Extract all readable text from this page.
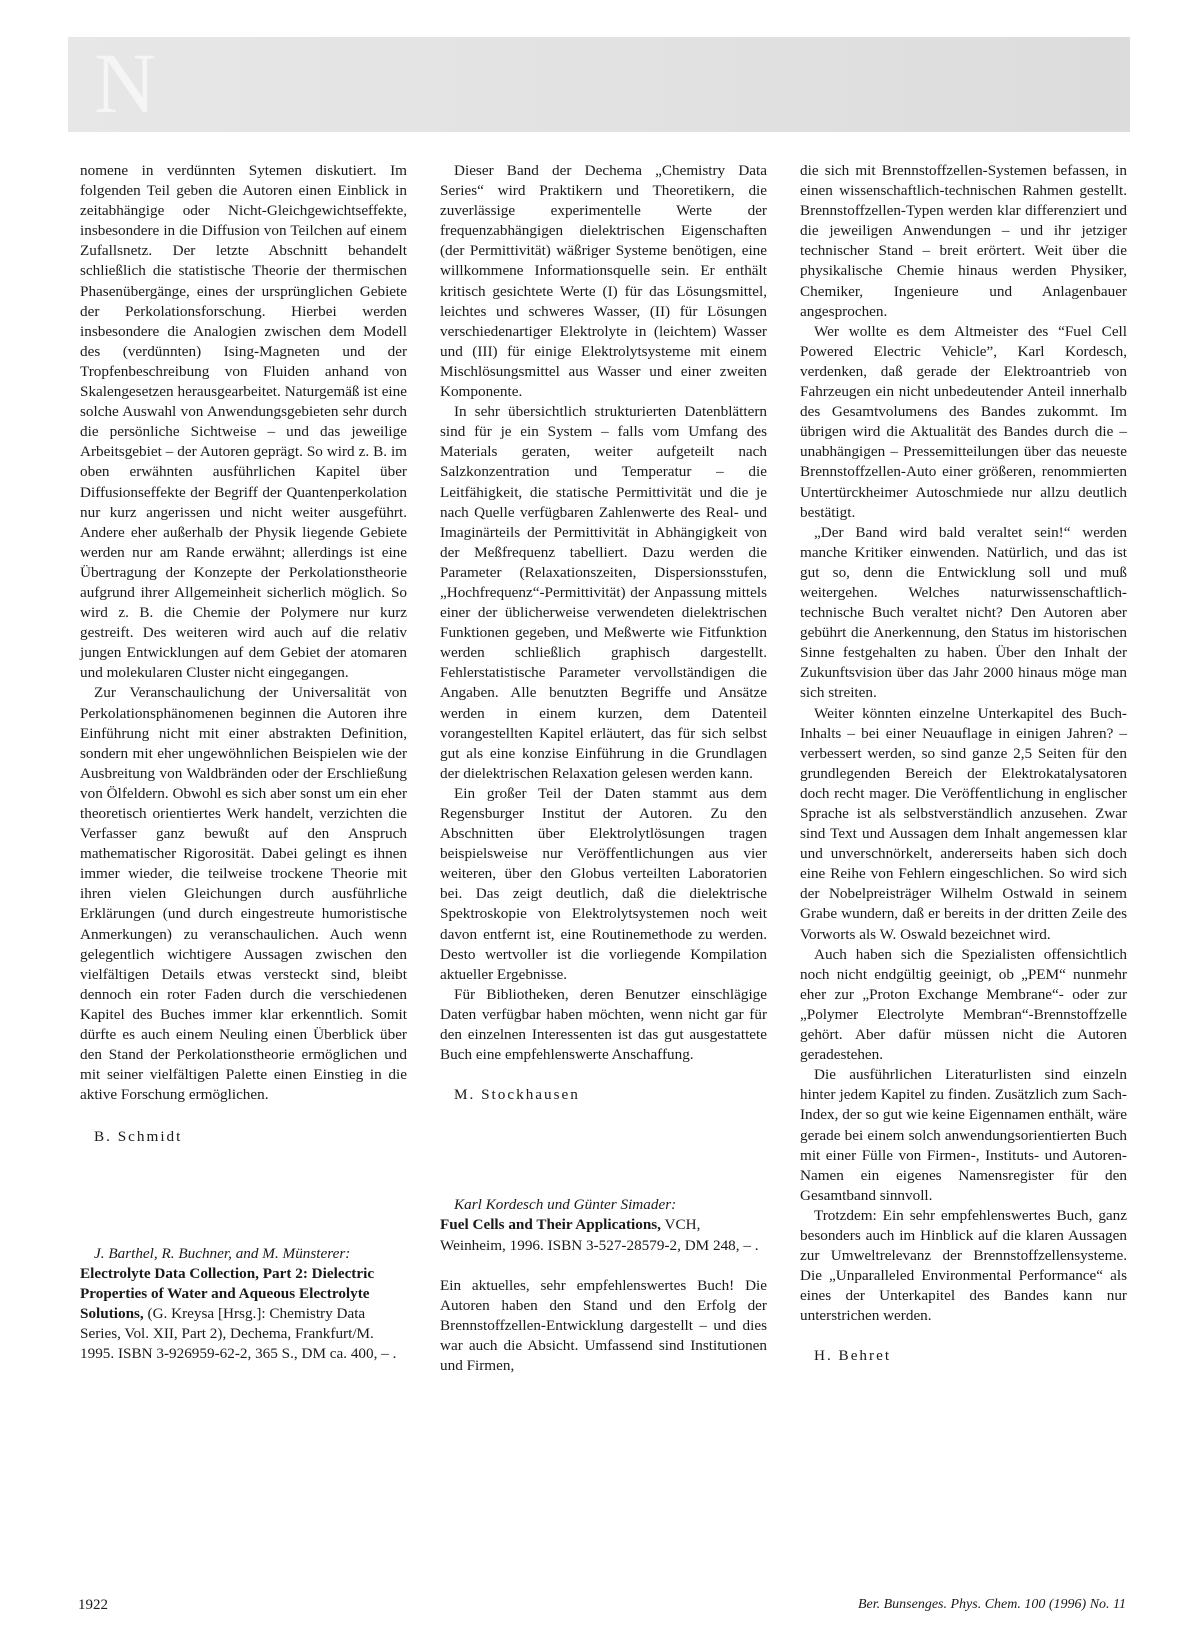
N

nomene in verdünnten Sytemen diskutiert. Im folgenden Teil geben die Autoren einen Einblick in zeitabhängige oder Nicht-Gleichgewichtseffekte, insbesondere in die Diffusion von Teilchen auf einem Zufallsnetz. Der letzte Abschnitt behandelt schließlich die statistische Theorie der thermischen Phasenübergänge, eines der ursprünglichen Gebiete der Perkolationsforschung. Hierbei werden insbesondere die Analogien zwischen dem Modell des (verdünnten) Ising-Magneten und der Tropfenbeschreibung von Fluiden anhand von Skalengesetzen herausgearbeitet. Naturgemäß ist eine solche Auswahl von Anwendungsgebieten sehr durch die persönliche Sichtweise – und das jeweilige Arbeitsgebiet – der Autoren geprägt. So wird z. B. im oben erwähnten ausführlichen Kapitel über Diffusionseffekte der Begriff der Quantenperkolation nur kurz angerissen und nicht weiter ausgeführt. Andere eher außerhalb der Physik liegende Gebiete werden nur am Rande erwähnt; allerdings ist eine Übertragung der Konzepte der Perkolationstheorie aufgrund ihrer Allgemeinheit sicherlich möglich. So wird z. B. die Chemie der Polymere nur kurz gestreift. Des weiteren wird auch auf die relativ jungen Entwicklungen auf dem Gebiet der atomaren und molekularen Cluster nicht eingegangen.

Zur Veranschaulichung der Universalität von Perkolationsphänomenen beginnen die Autoren ihre Einführung nicht mit einer abstrakten Definition, sondern mit eher ungewöhnlichen Beispielen wie der Ausbreitung von Waldbränden oder der Erschließung von Ölfeldern. Obwohl es sich aber sonst um ein eher theoretisch orientiertes Werk handelt, verzichten die Verfasser ganz bewußt auf den Anspruch mathematischer Rigorosität. Dabei gelingt es ihnen immer wieder, die teilweise trockene Theorie mit ihren vielen Gleichungen durch ausführliche Erklärungen (und durch eingestreute humoristische Anmerkungen) zu veranschaulichen. Auch wenn gelegentlich wichtigere Aussagen zwischen den vielfältigen Details etwas versteckt sind, bleibt dennoch ein roter Faden durch die verschiedenen Kapitel des Buches immer klar erkenntlich. Somit dürfte es auch einem Neuling einen Überblick über den Stand der Perkolationstheorie ermöglichen und mit seiner vielfältigen Palette einen Einstieg in die aktive Forschung ermöglichen.

B. Schmidt

J. Barthel, R. Buchner, and M. Münsterer: Electrolyte Data Collection, Part 2: Dielectric Properties of Water and Aqueous Electrolyte Solutions, (G. Kreysa [Hrsg.]: Chemistry Data Series, Vol. XII, Part 2), Dechema, Frankfurt/M. 1995. ISBN 3-926959-62-2, 365 S., DM ca. 400, – .

Dieser Band der Dechema „Chemistry Data Series“ wird Praktikern und Theoretikern, die zuverlässige experimentelle Werte der frequenzabhängigen dielektrischen Eigenschaften (der Permittivität) wäßriger Systeme benötigen, eine willkommene Informationsquelle sein. Er enthält kritisch gesichtete Werte (I) für das Lösungsmittel, leichtes und schweres Wasser, (II) für Lösungen verschiedenartiger Elektrolyte in (leichtem) Wasser und (III) für einige Elektrolytsysteme mit einem Mischlösungsmittel aus Wasser und einer zweiten Komponente.

In sehr übersichtlich strukturierten Datenblättern sind für je ein System – falls vom Umfang des Materials geraten, weiter aufgeteilt nach Salzkonzentration und Temperatur – die Leitfähigkeit, die statische Permittivität und die je nach Quelle verfügbaren Zahlenwerte des Real- und Imaginärteils der Permittivität in Abhängigkeit von der Meßfrequenz tabelliert. Dazu werden die Parameter (Relaxationszeiten, Dispersionsstufen, „Hochfrequenz“-Permittivität) der Anpassung mittels einer der üblicherweise verwendeten dielektrischen Funktionen gegeben, und Meßwerte wie Fitfunktion werden schließlich graphisch dargestellt. Fehlerstatistische Parameter vervollständigen die Angaben. Alle benutzten Begriffe und Ansätze werden in einem kurzen, dem Datenteil vorangestellten Kapitel erläutert, das für sich selbst gut als eine konzise Einführung in die Grundlagen der dielektrischen Relaxation gelesen werden kann.

Ein großer Teil der Daten stammt aus dem Regensburger Institut der Autoren. Zu den Abschnitten über Elektrolytlösungen tragen beispielsweise nur Veröffentlichungen aus vier weiteren, über den Globus verteilten Laboratorien bei. Das zeigt deutlich, daß die dielektrische Spektroskopie von Elektrolytsystemen noch weit davon entfernt ist, eine Routinemethode zu werden. Desto wertvoller ist die vorliegende Kompilation aktueller Ergebnisse.

Für Bibliotheken, deren Benutzer einschlägige Daten verfügbar haben möchten, wenn nicht gar für den einzelnen Interessenten ist das gut ausgestattete Buch eine empfehlenswerte Anschaffung.

M. Stockhausen

Karl Kordesch und Günter Simader:
Fuel Cells and Their Applications, VCH, Weinheim, 1996. ISBN 3-527-28579-2, DM 248, – .

Ein aktuelles, sehr empfehlenswertes Buch! Die Autoren haben den Stand und den Erfolg der Brennstoffzellen-Entwicklung dargestellt – und dies war auch die Absicht. Umfassend sind Institutionen und Firmen,

die sich mit Brennstoffzellen-Systemen befassen, in einen wissenschaftlich-technischen Rahmen gestellt. Brennstoffzellen-Typen werden klar differenziert und die jeweiligen Anwendungen – und ihr jetziger technischer Stand – breit erörtert. Weit über die physikalische Chemie hinaus werden Physiker, Chemiker, Ingenieure und Anlagenbauer angesprochen.

Wer wollte es dem Altmeister des “Fuel Cell Powered Electric Vehicle”, Karl Kordesch, verdenken, daß gerade der Elektroantrieb von Fahrzeugen ein nicht unbedeutender Anteil innerhalb des Gesamtvolumens des Bandes zukommt. Im übrigen wird die Aktualität des Bandes durch die – unabhängigen – Pressemitteilungen über das neueste Brennstoffzellen-Auto einer größeren, renommierten Untertürckheimer Autoschmiede nur allzu deutlich bestätigt.

„Der Band wird bald veraltet sein!“ werden manche Kritiker einwenden. Natürlich, und das ist gut so, denn die Entwicklung soll und muß weitergehen. Welches naturwissenschaftlich-technische Buch veraltet nicht? Den Autoren aber gebührt die Anerkennung, den Status im historischen Sinne festgehalten zu haben. Über den Inhalt der Zukunftsvision über das Jahr 2000 hinaus möge man sich streiten.

Weiter könnten einzelne Unterkapitel des Buch-Inhalts – bei einer Neuauflage in einigen Jahren? – verbessert werden, so sind ganze 2,5 Seiten für den grundlegenden Bereich der Elektrokatalysatoren doch recht mager. Die Veröffentlichung in englischer Sprache ist als selbstverständlich anzusehen. Zwar sind Text und Aussagen dem Inhalt angemessen klar und unverschnörkelt, andererseits haben sich doch eine Reihe von Fehlern eingeschlichen. So wird sich der Nobelpreisträger Wilhelm Ostwald in seinem Grabe wundern, daß er bereits in der dritten Zeile des Vorworts als W. Oswald bezeichnet wird.

Auch haben sich die Spezialisten offensichtlich noch nicht endgültig geeinigt, ob „PEM“ nunmehr eher zur „Proton Exchange Membrane“- oder zur „Polymer Electrolyte Membran“-Brennstoffzelle gehört. Aber dafür müssen nicht die Autoren geradestehen.

Die ausführlichen Literaturlisten sind einzeln hinter jedem Kapitel zu finden. Zusätzlich zum Sach-Index, der so gut wie keine Eigennamen enthält, wäre gerade bei einem solch anwendungsorientierten Buch mit einer Fülle von Firmen-, Instituts- und Autoren-Namen ein eigenes Namensregister für den Gesamtband sinnvoll.

Trotzdem: Ein sehr empfehlenswertes Buch, ganz besonders auch im Hinblick auf die klaren Aussagen zur Umweltrelevanz der Brennstoffzellensysteme. Die „Unparalleled Environmental Performance“ als eines der Unterkapitel des Bandes kann nur unterstrichen werden.

H. Behret

1922	Ber. Bunsenges. Phys. Chem. 100 (1996) No. 11
